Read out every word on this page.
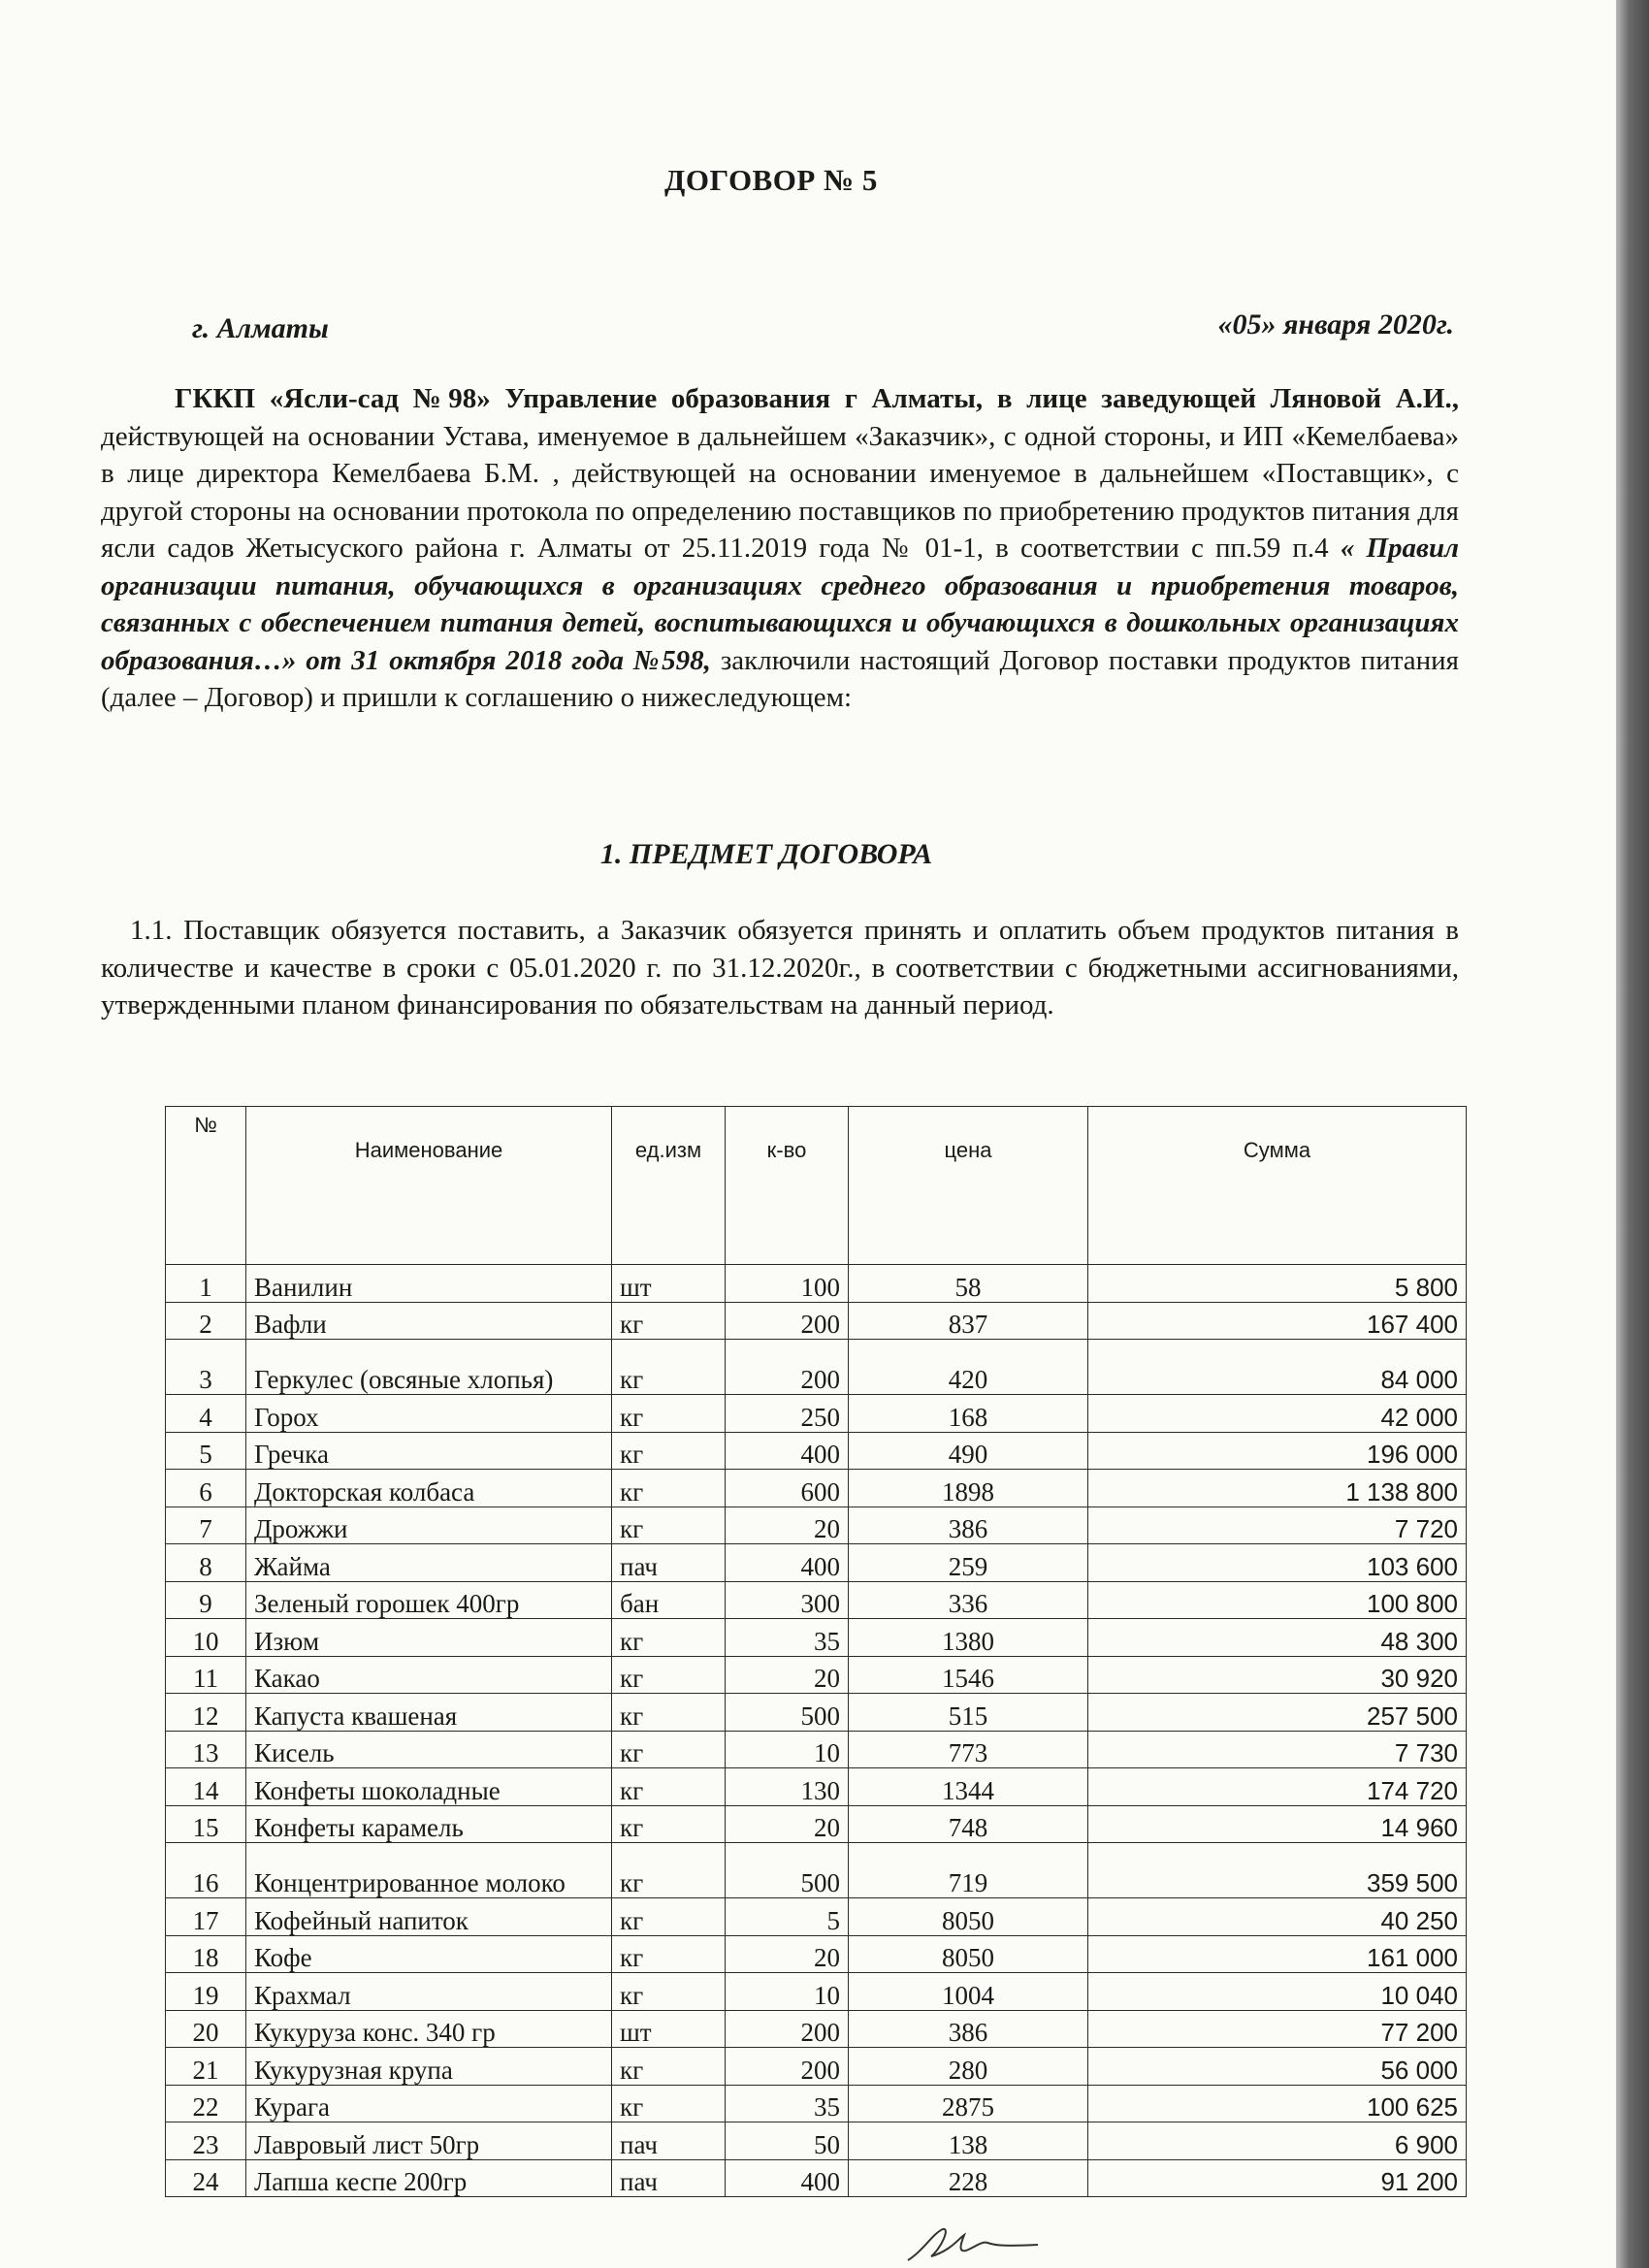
ДОГОВОР № 5
г. Алматы	«05» января 2020г.
ГККП «Ясли-сад №98» Управление образования г Алматы, в лице заведующей Ляновой А.И., действующей на основании Устава, именуемое в дальнейшем «Заказчик», с одной стороны, и ИП «Кемелбаева» в лице директора Кемелбаева Б.М. , действующей на основании именуемое в дальнейшем «Поставщик», с другой стороны на основании протокола по определению поставщиков по приобретению продуктов питания для ясли садов Жетысуского района г. Алматы от 25.11.2019 года № 01-1, в соответствии с пп.59 п.4 « Правил организации питания, обучающихся в организациях среднего образования и приобретения товаров, связанных с обеспечением питания детей, воспитывающихся и обучающихся в дошкольных организациях образования…» от 31 октября 2018 года №598, заключили настоящий Договор поставки продуктов питания (далее – Договор) и пришли к соглашению о нижеследующем:
1. ПРЕДМЕТ ДОГОВОРА
1.1. Поставщик обязуется поставить, а Заказчик обязуется принять и оплатить объем продуктов питания в количестве и качестве в сроки с 05.01.2020 г. по 31.12.2020г., в соответствии с бюджетными ассигнованиями, утвержденными планом финансирования по обязательствам на данный период.
№	Наименование	ед.изм	к-во	цена	Сумма
1	Ванилин	шт	100	58	5 800
2	Вафли	кг	200	837	167 400
3	Геркулес (овсяные хлопья)	кг	200	420	84 000
4	Горох	кг	250	168	42 000
5	Гречка	кг	400	490	196 000
6	Докторская колбаса	кг	600	1898	1 138 800
7	Дрожжи	кг	20	386	7 720
8	Жайма	пач	400	259	103 600
9	Зеленый горошек 400гр	бан	300	336	100 800
10	Изюм	кг	35	1380	48 300
11	Какао	кг	20	1546	30 920
12	Капуста квашеная	кг	500	515	257 500
13	Кисель	кг	10	773	7 730
14	Конфеты шоколадные	кг	130	1344	174 720
15	Конфеты карамель	кг	20	748	14 960
16	Концентрированное молоко	кг	500	719	359 500
17	Кофейный напиток	кг	5	8050	40 250
18	Кофе	кг	20	8050	161 000
19	Крахмал	кг	10	1004	10 040
20	Кукуруза конс. 340 гр	шт	200	386	77 200
21	Кукурузная крупа	кг	200	280	56 000
22	Курага	кг	35	2875	100 625
23	Лавровый лист 50гр	пач	50	138	6 900
24	Лапша кеспе 200гр	пач	400	228	91 200
